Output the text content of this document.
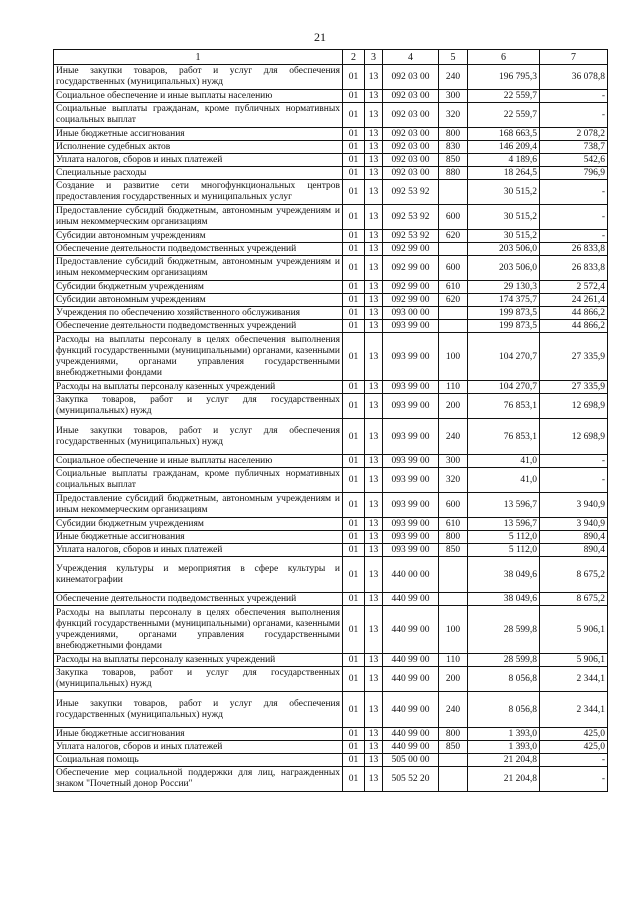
21
1	2	3	4	5	6	7
Иные закупки товаров, работ и услуг для обеспечения государственных (муниципальных) нужд	01	13	092 03 00	240	196 795,3	36 078,8
Социальное обеспечение и иные выплаты населению	01	13	092 03 00	300	22 559,7	-
Социальные выплаты гражданам, кроме публичных нормативных социальных выплат	01	13	092 03 00	320	22 559,7	-
Иные бюджетные ассигнования	01	13	092 03 00	800	168 663,5	2 078,2
Исполнение судебных актов	01	13	092 03 00	830	146 209,4	738,7
Уплата налогов, сборов и иных платежей	01	13	092 03 00	850	4 189,6	542,6
Специальные расходы	01	13	092 03 00	880	18 264,5	796,9
Создание и развитие сети многофункциональных центров предоставления государственных и муниципальных услуг	01	13	092 53 92		30 515,2	-
Предоставление субсидий бюджетным, автономным учреждениям и иным некоммерческим организациям	01	13	092 53 92	600	30 515,2	-
Субсидии автономным учреждениям	01	13	092 53 92	620	30 515,2	-
Обеспечение деятельности подведомственных учреждений	01	13	092 99 00		203 506,0	26 833,8
Предоставление субсидий бюджетным, автономным учреждениям и иным некоммерческим организациям	01	13	092 99 00	600	203 506,0	26 833,8
Субсидии бюджетным учреждениям	01	13	092 99 00	610	29 130,3	2 572,4
Субсидии автономным учреждениям	01	13	092 99 00	620	174 375,7	24 261,4
Учреждения по обеспечению хозяйственного обслуживания	01	13	093 00 00		199 873,5	44 866,2
Обеспечение деятельности подведомственных учреждений	01	13	093 99 00		199 873,5	44 866,2
Расходы на выплаты персоналу в целях обеспечения выполнения функций государственными (муниципальными) органами, казенными учреждениями, органами управления государственными внебюджетными фондами	01	13	093 99 00	100	104 270,7	27 335,9
Расходы на выплаты персоналу казенных учреждений	01	13	093 99 00	110	104 270,7	27 335,9
Закупка товаров, работ и услуг для государственных (муниципальных) нужд	01	13	093 99 00	200	76 853,1	12 698,9
Иные закупки товаров, работ и услуг для обеспечения государственных (муниципальных) нужд	01	13	093 99 00	240	76 853,1	12 698,9
Социальное обеспечение и иные выплаты населению	01	13	093 99 00	300	41,0	-
Социальные выплаты гражданам, кроме публичных нормативных социальных выплат	01	13	093 99 00	320	41,0	-
Предоставление субсидий бюджетным, автономным учреждениям и иным некоммерческим организациям	01	13	093 99 00	600	13 596,7	3 940,9
Субсидии бюджетным учреждениям	01	13	093 99 00	610	13 596,7	3 940,9
Иные бюджетные ассигнования	01	13	093 99 00	800	5 112,0	890,4
Уплата налогов, сборов и иных платежей	01	13	093 99 00	850	5 112,0	890,4
Учреждения культуры и мероприятия в сфере культуры и кинематографии	01	13	440 00 00		38 049,6	8 675,2
Обеспечение деятельности подведомственных учреждений	01	13	440 99 00		38 049,6	8 675,2
Расходы на выплаты персоналу в целях обеспечения выполнения функций государственными (муниципальными) органами, казенными учреждениями, органами управления государственными внебюджетными фондами	01	13	440 99 00	100	28 599,8	5 906,1
Расходы на выплаты персоналу казенных учреждений	01	13	440 99 00	110	28 599,8	5 906,1
Закупка товаров, работ и услуг для государственных (муниципальных) нужд	01	13	440 99 00	200	8 056,8	2 344,1
Иные закупки товаров, работ и услуг для обеспечения государственных (муниципальных) нужд	01	13	440 99 00	240	8 056,8	2 344,1
Иные бюджетные ассигнования	01	13	440 99 00	800	1 393,0	425,0
Уплата налогов, сборов и иных платежей	01	13	440 99 00	850	1 393,0	425,0
Социальная помощь	01	13	505 00 00		21 204,8	-
Обеспечение мер социальной поддержки для лиц, награжденных знаком "Почетный донор России"	01	13	505 52 20		21 204,8	-
